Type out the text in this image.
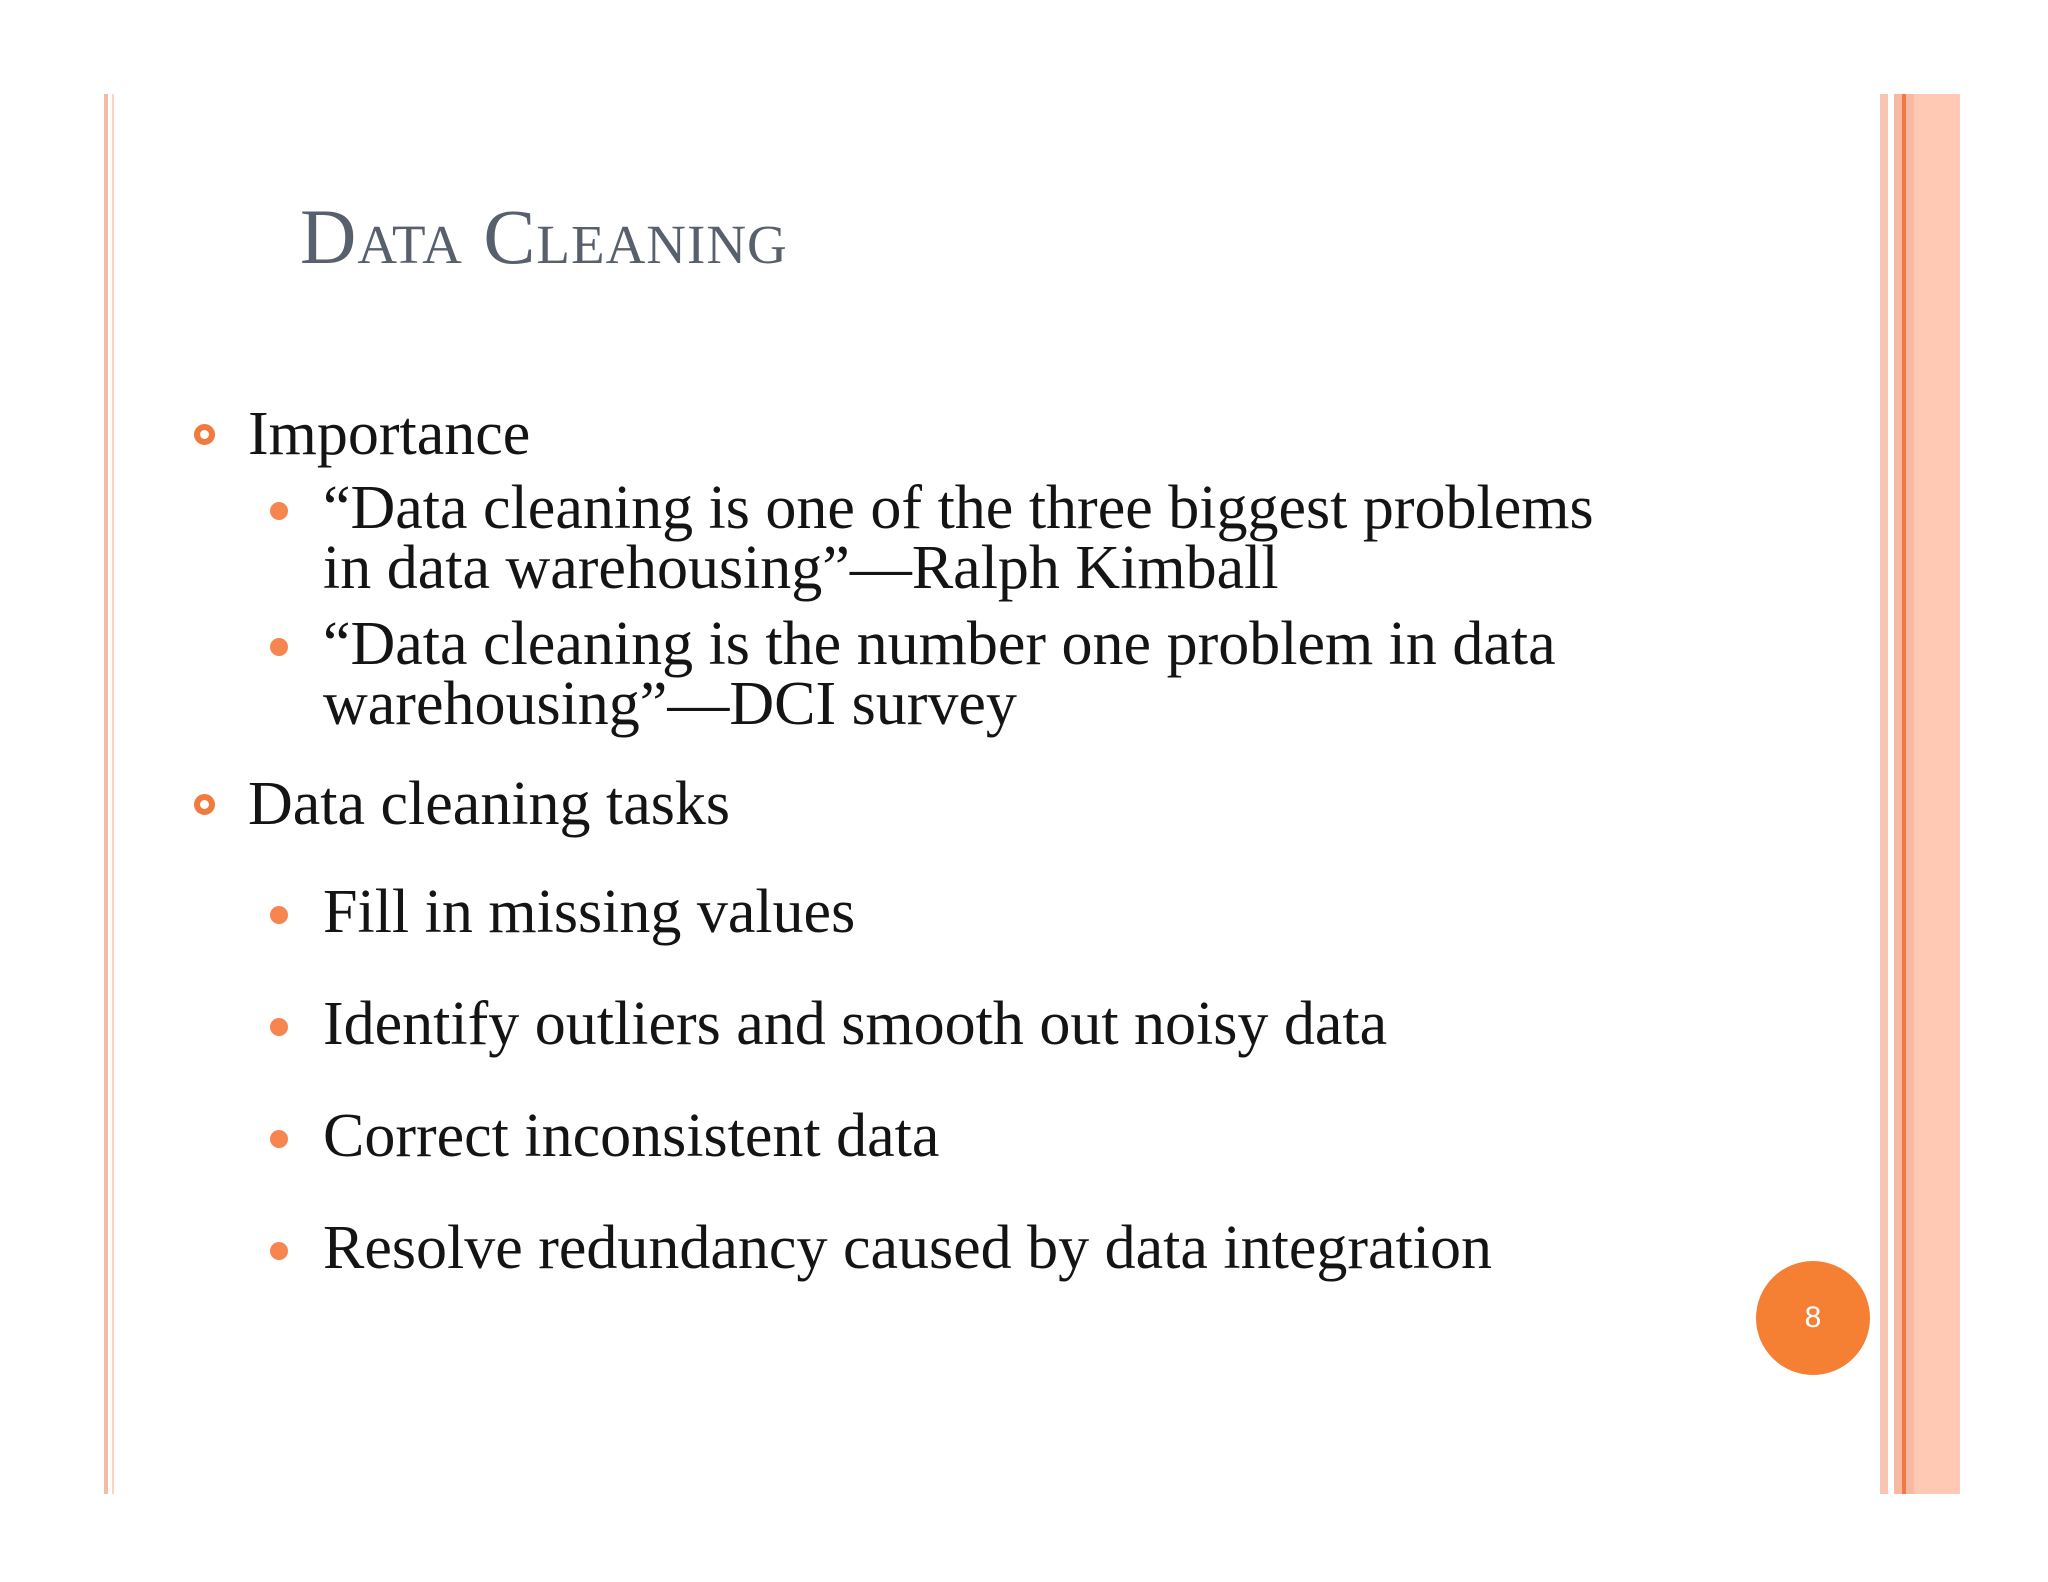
Data Cleaning
Importance
“Data cleaning is one of the three biggest problems
in data warehousing”—Ralph Kimball
“Data cleaning is the number one problem in data
warehousing”—DCI survey
Data cleaning tasks
Fill in missing values
Identify outliers and smooth out noisy data
Correct inconsistent data
Resolve redundancy caused by data integration
8
